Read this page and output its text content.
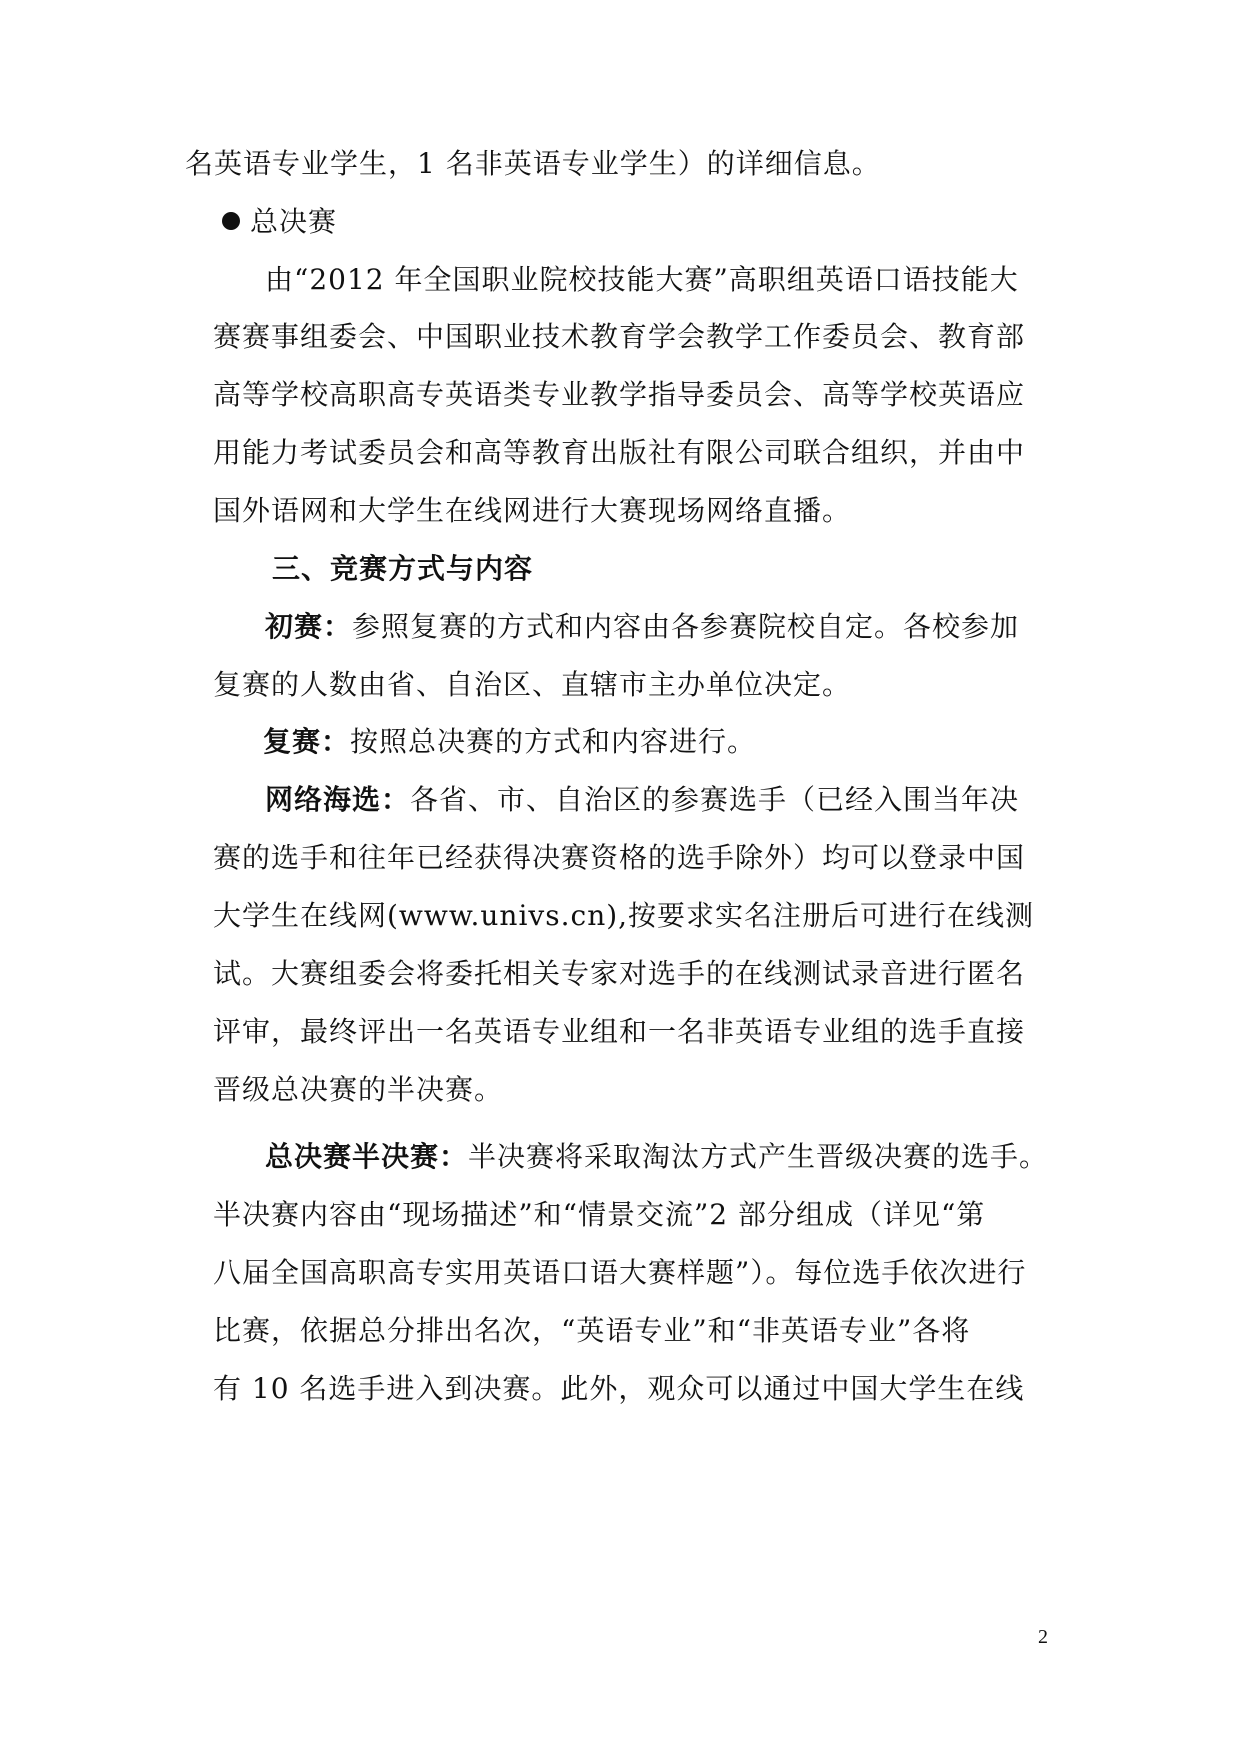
名英语专业学生，1 名非英语专业学生）的详细信息。
总决赛
由“2012 年全国职业院校技能大赛”高职组英语口语技能大
赛赛事组委会、中国职业技术教育学会教学工作委员会、教育部
高等学校高职高专英语类专业教学指导委员会、高等学校英语应
用能力考试委员会和高等教育出版社有限公司联合组织，并由中
国外语网和大学生在线网进行大赛现场网络直播。
三、竞赛方式与内容
初赛：参照复赛的方式和内容由各参赛院校自定。各校参加
复赛的人数由省、自治区、直辖市主办单位决定。
复赛：按照总决赛的方式和内容进行。
网络海选：各省、市、自治区的参赛选手（已经入围当年决
赛的选手和往年已经获得决赛资格的选手除外）均可以登录中国
大学生在线网(www.univs.cn),按要求实名注册后可进行在线测
试。大赛组委会将委托相关专家对选手的在线测试录音进行匿名
评审，最终评出一名英语专业组和一名非英语专业组的选手直接
晋级总决赛的半决赛。
总决赛半决赛：半决赛将采取淘汰方式产生晋级决赛的选手。
半决赛内容由“现场描述”和“情景交流”2 部分组成（详见“第
八届全国高职高专实用英语口语大赛样题”）。每位选手依次进行
比赛，依据总分排出名次，“英语专业”和“非英语专业”各将
有 10 名选手进入到决赛。此外，观众可以通过中国大学生在线
2
